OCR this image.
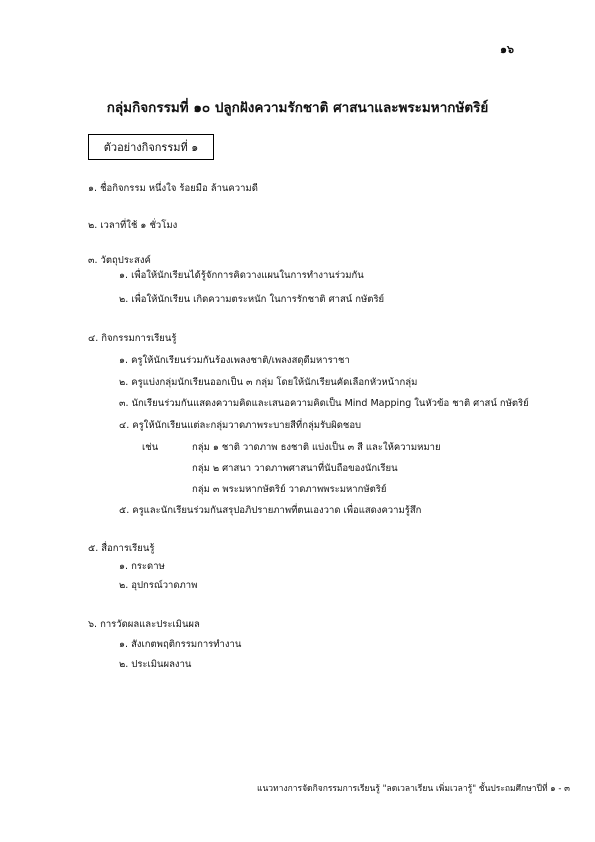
๑๖
กลุ่มกิจกรรมที่ ๑๐ ปลูกฝังความรักชาติ ศาสนาและพระมหากษัตริย์
ตัวอย่างกิจกรรมที่ ๑
๑. ชื่อกิจกรรม หนึ่งใจ ร้อยมือ ล้านความดี
๒. เวลาที่ใช้ ๑ ชั่วโมง
๓. วัตถุประสงค์
๑. เพื่อให้นักเรียนได้รู้จักการคิดวางแผนในการทำงานร่วมกัน
๒. เพื่อให้นักเรียน เกิดความตระหนัก ในการรักชาติ ศาสน์ กษัตริย์
๔. กิจกรรมการเรียนรู้
๑. ครูให้นักเรียนร่วมกันร้องเพลงชาติ/เพลงสดุดีมหาราชา
๒. ครูแบ่งกลุ่มนักเรียนออกเป็น ๓ กลุ่ม โดยให้นักเรียนคัดเลือกหัวหน้ากลุ่ม
๓. นักเรียนร่วมกันแสดงความคิดและเสนอความคิดเป็น Mind Mapping ในหัวข้อ ชาติ ศาสน์ กษัตริย์
๔. ครูให้นักเรียนแต่ละกลุ่มวาดภาพระบายสีที่กลุ่มรับผิดชอบ
เช่น	กลุ่ม ๑ ชาติ วาดภาพ ธงชาติ แบ่งเป็น ๓ สี และให้ความหมาย
กลุ่ม ๒ ศาสนา วาดภาพศาสนาที่นับถือของนักเรียน
กลุ่ม ๓ พระมหากษัตริย์ วาดภาพพระมหากษัตริย์
๕. ครูและนักเรียนร่วมกันสรุปอภิปรายภาพที่ตนเองวาด เพื่อแสดงความรู้สึก
๕. สื่อการเรียนรู้
๑. กระดาษ
๒. อุปกรณ์วาดภาพ
๖. การวัดผลและประเมินผล
๑. สังเกตพฤติกรรมการทำงาน
๒. ประเมินผลงาน
แนวทางการจัดกิจกรรมการเรียนรู้ "ลดเวลาเรียน เพิ่มเวลารู้" ชั้นประถมศึกษาปีที่ ๑ - ๓
